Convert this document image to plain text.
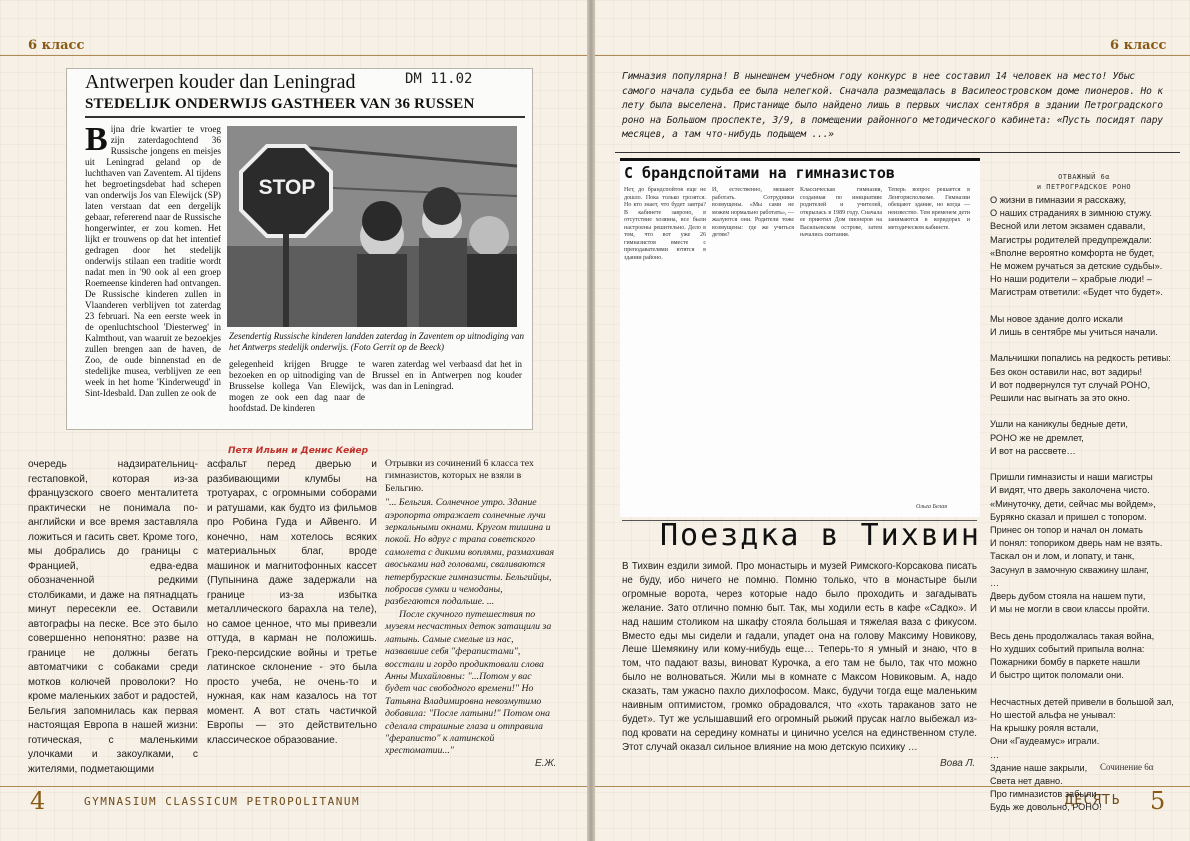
6 класс
Antwerpen kouder dan Leningrad	DM 11.02
STEDELIJK ONDERWIJS GASTHEER VAN 36 RUSSEN
Bijna drie kwartier te vroeg zijn zaterdagochtend 36 Russische jongens en meisjes uit Leningrad geland op de luchthaven van Zaventem. Al tijdens het begroetingsdebat had schepen van onderwijs Jos van Elewijck (SP) laten verstaan dat een dergelijk gebaar, refererend naar de Russische hongerwinter, er zou komen. Het lijkt er trouwens op dat het intentief gedragen door het stedelijk onderwijs stilaan een traditie wordt nadat men in '90 ook al een groep Roemeense kinderen had ontvangen. De Russische kinderen zullen in Vlaanderen verblijven tot zaterdag 23 februari. Na een eerste week in de openluchtschool 'Diesterweg' in Kalmthout, van waaruit ze bezoekjes zullen brengen aan de haven, de Zoo, de oude binnenstad en de stedelijke musea, verblijven ze een week in het home 'Kinderweugd' in Sint-Idesbald. Dan zullen ze ook de
STOP
Zesendertig Russische kinderen landden zaterdag in Zaventem op uitnodiging van het Antwerps stedelijk onderwijs. (Foto Gerrit op de Beeck)
gelegenheid krijgen Brugge te bezoeken en op uitnodiging van de Brusselse kollega Van Elewijck, mogen ze ook een dag naar de hoofdstad. De kinderen
waren zaterdag wel verbaasd dat het in Brussel en in Antwerpen nog kouder was dan in Leningrad.
Петя Ильин и Денис Кейер
очередь надзирательниц-гестаповкой, которая из-за французского своего менталитета практически не понимала по-английски и все время заставляла ложиться и гасить свет. Кроме того, мы добрались до границы с Францией, едва-едва обозначенной редкими столбиками, и даже на пятнадцать минут пересекли ее. Оставили автографы на песке. Все это было совершенно непонятно: разве на границе не должны бегать автоматчики с собаками среди мотков колючей проволоки? Но кроме маленьких забот и радостей, Бельгия запомнилась как первая настоящая Европа в нашей жизни: готическая, с маленькими улочками и закоулками, с жителями, подметающими
асфальт перед дверью и разбивающими клумбы на тротуарах, с огромными соборами и ратушами, как будто из фильмов про Робина Гуда и Айвенго. И конечно, нам хотелось всяких материальных благ, вроде машинок и магнитофонных кассет (Пупынина даже задержали на границе из-за избытка металлического барахла на теле), но самое ценное, что мы привезли оттуда, в карман не положишь. Греко-персидские войны и третье латинское склонение - это была просто учеба, не очень-то и нужная, как нам казалось на тот момент. А вот стать частичкой Европы — это действительно классическое образование.
Отрывки из сочинений 6 класса тех гимназистов, которых не взяли в Бельгию.
"... Бельгия. Солнечное утро. Здание аэропорта отражает солнечные лучи зеркальными окнами. Кругом тишина и покой. Но вдруг с трапа советского самолета с дикими воплями, размахивая авоськами над головами, сваливаются петербургские гимназисты. Бельгийцы, побросав сумки и чемоданы, разбегаются подальше. ...
После скучного путешествия по музеям несчастных деток затащили за латынь. Самые смелые из нас, назвавшие себя "ферапистами", восстали и гордо продиктовали слова Анны Михайловны: "...Потом у вас будет час свободного времени!" Но Татьяна Владимировна невозмутимо добавила: "После латыни!" Потом она сделала страшные глаза и отправила "фераписто" к латинской хрестоматии..."
Е.Ж.
4	GYMNASIUM CLASSICUM PETROPOLITANUM
6 класс
ДЕСЯТЬ 5
Гимназия популярна! В нынешнем учебном году конкурс в нее составил 14 человек на место! Убыс самого начала судьба ее была нелегкой. Сначала размещалась в Василеостровском доме пионеров. Но к лету была выселена. Пристанище было найдено лишь в первых числах сентября в здании Петроградского роно на Большом проспекте, 3/9, в помещении районного методического кабинета: «Пусть посидят пару месяцев, а там что-нибудь подыщем ...»
С брандспойтами на гимназистов
Нет, до брандспойтов еще не дошло. Пока только грозятся. Но кто знает, что будет завтра? В кабинете завроно, в отсутствие хозяина, все были настроены решительно. Дело в том, что вот уже 26 гимназистов вместе с преподавателями ютятся в здании районо.
И, естественно, мешают работать. Сотрудники возмущены. «Мы сами не можем нормально работать», — жалуются они. Родители тоже возмущены: где же учиться детям?
Классическая гимназия, созданная по инициативе родителей и учителей, открылась в 1989 году. Сначала ее приютил Дом пионеров на Васильевском острове, затем начались скитания.
Теперь вопрос решается в Ленгорисполкоме. Гимназии обещают здание, но когда — неизвестно. Тем временем дети занимаются в коридорах и методическом кабинете.
Ольга Белая
ОТВАЖНЫЙ 6α
и ПЕТРОГРАДСКОЕ РОНО
О жизни в гимназии я расскажу,
О наших страданиях в зимнюю стужу.
Весной или летом экзамен сдавали,
Магистры родителей предупреждали:
«Вполне вероятно комфорта не будет,
Не можем ручаться за детские судьбы».
Но наши родители – храбрые люди! –
Магистрам ответили: «Будет что будет».

Мы новое здание долго искали
И лишь в сентябре мы учиться начали.

Мальчишки попались на редкость ретивы:
Без окон оставили нас, вот задиры!
И вот подвернулся тут случай РОНО,
Решили нас выгнать за это окно.

Ушли на каникулы бедные дети,
РОНО же не дремлет,
И вот на рассвете…

Пришли гимназисты и наши магистры
И видят, что дверь заколочена чисто.
«Минуточку, дети, сейчас мы войдем»,
Бурякно сказал и пришел с топором.
Принес он топор и начал он ломать
И понял: топориком дверь нам не взять.
Таскал он и лом, и лопату, и танк,
Засунул в замочную скважину шланг,
…
Дверь дубом стояла на нашем пути,
И мы не могли в свои классы пройти.

Весь день продолжалась такая война,
Но худших событий припыла волна:
Пожарники бомбу в паркете нашли
И быстро щиток поломали они.

Несчастных детей привели в большой зал,
Но шестой альфа не унывал:
На крышку рояля встали,
Они «Гаудеамус» играли.
…
Здание наше закрыли,
Света нет давно.
Про гимназистов забыли –
Будь же довольно, РОНО!
Сочинение 6α
Поездка в Тихвин
В Тихвин ездили зимой. Про монастырь и музей Римского-Корсакова писать не буду, ибо ничего не помню. Помню только, что в монастыре были огромные ворота, через которые надо было проходить и загадывать желание. Зато отлично помню быт. Так, мы ходили есть в кафе «Садко». И над нашим столиком на шкафу стояла большая и тяжелая ваза с фикусом. Вместо еды мы сидели и гадали, упадет она на голову Максиму Новикову, Леше Шемякину или кому-нибудь еще… Теперь-то я умный и знаю, что в том, что падают вазы, виноват Курочка, а его там не было, так что можно было не волноваться. Жили мы в комнате с Максом Новиковым. А, надо сказать, там ужасно пахло дихлофосом. Макс, будучи тогда еще маленьким наивным оптимистом, громко обрадовался, что «хоть тараканов зато не будет». Тут же услышавший его огромный рыжий прусак нагло выбежал из-под кровати на середину комнаты и цинично уселся на единственном стуле. Этот случай оказал сильное влияние на мою детскую психику …
Вова Л.
